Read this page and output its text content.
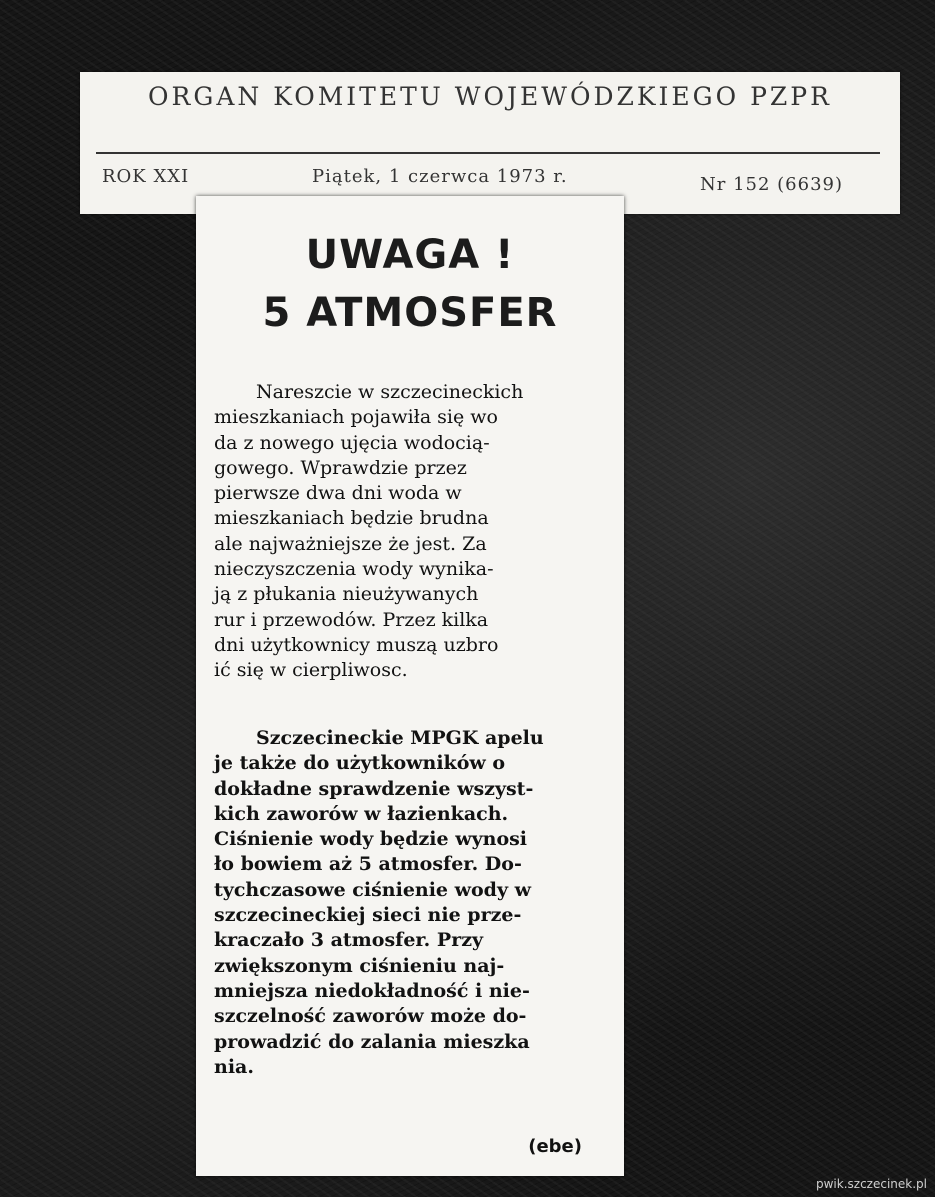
ORGAN KOMITETU WOJEWÓDZKIEGO PZPR
ROK XXI	Piątek, 1 czerwca 1973 r.	Nr 152 (6639)
UWAGA !
5 ATMOSFER
Nareszcie w szczecineckich
mieszkaniach pojawiła się wo
da z nowego ujęcia wodocią-
gowego. Wprawdzie przez
pierwsze dwa dni woda w
mieszkaniach będzie brudna
ale najważniejsze że jest. Za
nieczyszczenia wody wynika-
ją z płukania nieużywanych
rur i przewodów. Przez kilka
dni użytkownicy muszą uzbro
ić się w cierpliwosc.
Szczecineckie MPGK apelu
je także do użytkowników o
dokładne sprawdzenie wszyst-
kich zaworów w łazienkach.
Ciśnienie wody będzie wynosi
ło bowiem aż 5 atmosfer. Do-
tychczasowe ciśnienie wody w
szczecineckiej sieci nie prze-
kraczało 3 atmosfer. Przy
zwiększonym ciśnieniu naj-
mniejsza niedokładność i nie-
szczelność zaworów może do-
prowadzić do zalania mieszka
nia.
(ebe)
pwik.szczecinek.pl
